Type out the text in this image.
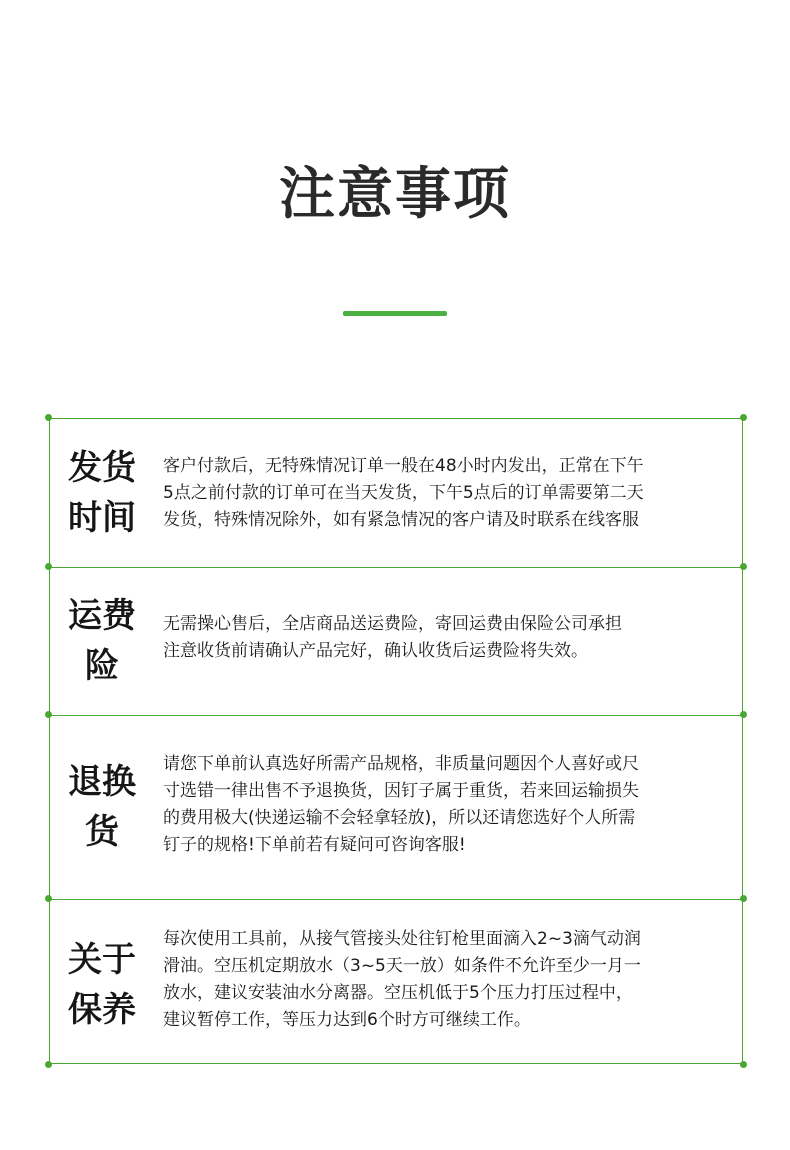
注意事项
发货
时间
客户付款后，无特殊情况订单一般在48小时内发出，正常在下午
5点之前付款的订单可在当天发货，下午5点后的订单需要第二天
发货，特殊情况除外，如有紧急情况的客户请及时联系在线客服
运费
险
无需操心售后，全店商品送运费险，寄回运费由保险公司承担
注意收货前请确认产品完好，确认收货后运费险将失效。
退换
货
请您下单前认真选好所需产品规格，非质量问题因个人喜好或尺
寸选错一律出售不予退换货，因钉子属于重货，若来回运输损失
的费用极大(快递运输不会轻拿轻放)，所以还请您选好个人所需
钉子的规格!下单前若有疑问可咨询客服!
关于
保养
每次使用工具前，从接气管接头处往钉枪里面滴入2~3滴气动润
滑油。空压机定期放水（3~5天一放）如条件不允许至少一月一
放水，建议安装油水分离器。空压机低于5个压力打压过程中，
建议暂停工作，等压力达到6个时方可继续工作。
